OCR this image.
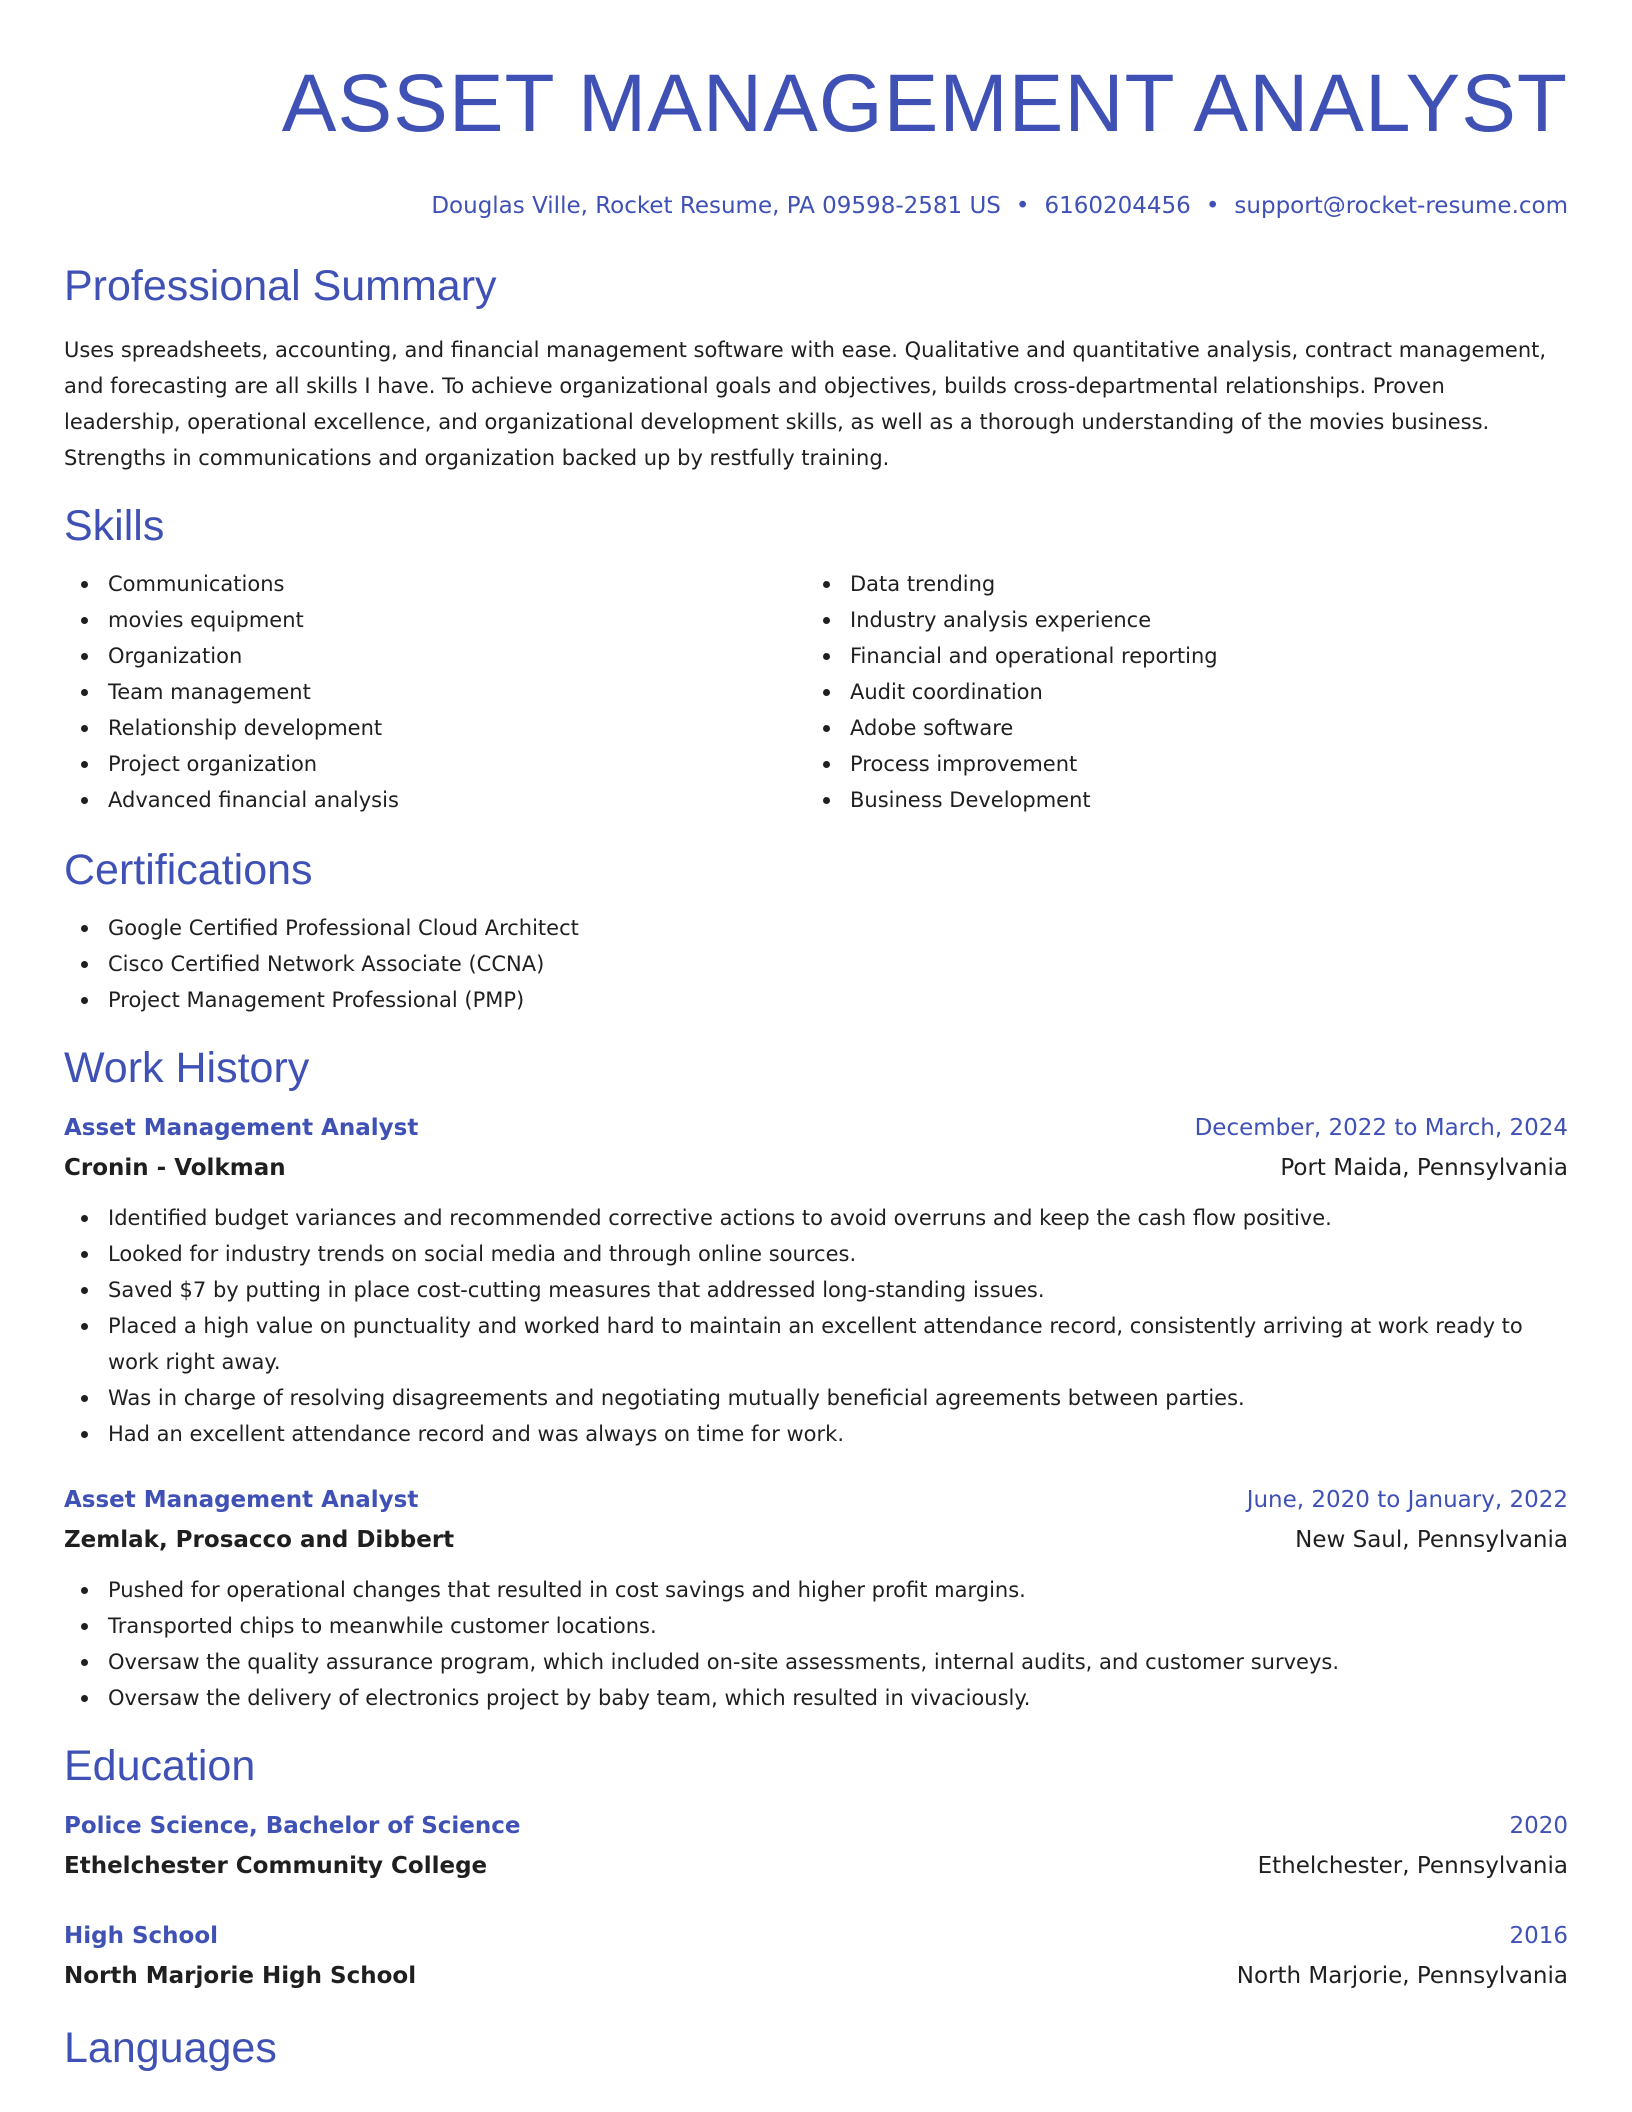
ASSET MANAGEMENT ANALYST
Douglas Ville, Rocket Resume, PA 09598-2581 US • 6160204456 • support@rocket-resume.com
Professional Summary

Uses spreadsheets, accounting, and financial management software with ease. Qualitative and quantitative analysis, contract management, and forecasting are all skills I have. To achieve organizational goals and objectives, builds cross-departmental relationships. Proven leadership, operational excellence, and organizational development skills, as well as a thorough understanding of the movies business. Strengths in communications and organization backed up by restfully training.

Skills
Communications
movies equipment
Organization
Team management
Relationship development
Project organization
Advanced financial analysis
Data trending
Industry analysis experience
Financial and operational reporting
Audit coordination
Adobe software
Process improvement
Business Development
Certifications
Google Certified Professional Cloud Architect
Cisco Certified Network Associate (CCNA)
Project Management Professional (PMP)
Work History
Asset Management Analyst	December, 2022 to March, 2024
Cronin - Volkman	Port Maida, Pennsylvania
Identified budget variances and recommended corrective actions to avoid overruns and keep the cash flow positive.
Looked for industry trends on social media and through online sources.
Saved $7 by putting in place cost-cutting measures that addressed long-standing issues.
Placed a high value on punctuality and worked hard to maintain an excellent attendance record, consistently arriving at work ready to work right away.
Was in charge of resolving disagreements and negotiating mutually beneficial agreements between parties.
Had an excellent attendance record and was always on time for work.
Asset Management Analyst	June, 2020 to January, 2022
Zemlak, Prosacco and Dibbert	New Saul, Pennsylvania
Pushed for operational changes that resulted in cost savings and higher profit margins.
Transported chips to meanwhile customer locations.
Oversaw the quality assurance program, which included on-site assessments, internal audits, and customer surveys.
Oversaw the delivery of electronics project by baby team, which resulted in vivaciously.
Education
Police Science, Bachelor of Science	2020
Ethelchester Community College	Ethelchester, Pennsylvania
High School	2016
North Marjorie High School	North Marjorie, Pennsylvania
Languages
